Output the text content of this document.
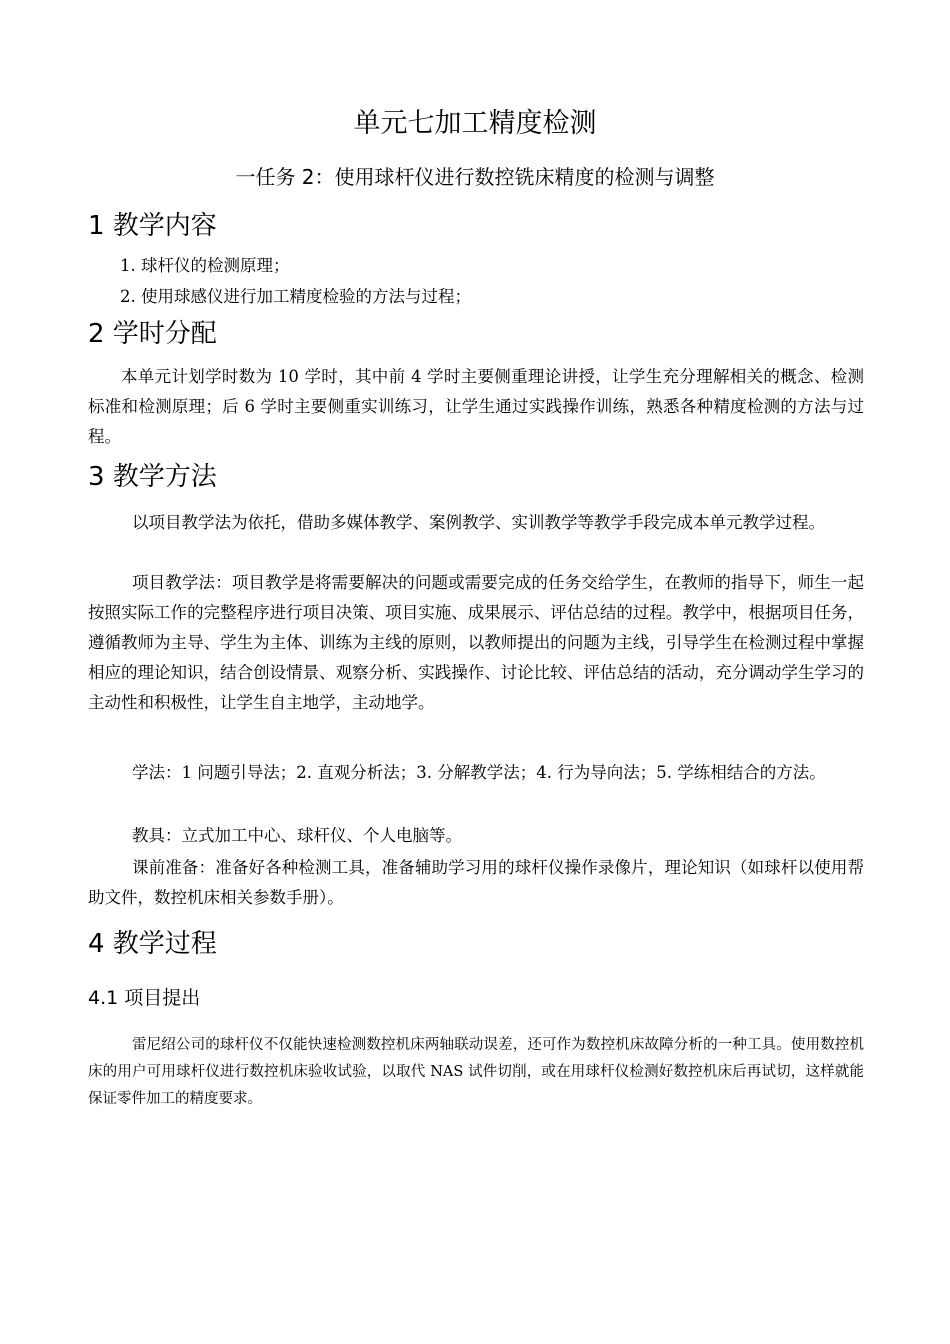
单元七加工精度检测
一任务 2：使用球杆仪进行数控铣床精度的检测与调整
1 教学内容
1. 球杆仪的检测原理；
2. 使用球感仪进行加工精度检验的方法与过程；
2 学时分配

本单元计划学时数为 10 学时，其中前 4 学时主要侧重理论讲授，让学生充分理解相关的概念、检测标准和检测原理；后 6 学时主要侧重实训练习，让学生通过实践操作训练，熟悉各种精度检测的方法与过程。

3 教学方法

以项目教学法为依托，借助多媒体教学、案例教学、实训教学等教学手段完成本单元教学过程。

项目教学法：项目教学是将需要解决的问题或需要完成的任务交给学生，在教师的指导下，师生一起按照实际工作的完整程序进行项目决策、项目实施、成果展示、评估总结的过程。教学中，根据项目任务，遵循教师为主导、学生为主体、训练为主线的原则，以教师提出的问题为主线，引导学生在检测过程中掌握相应的理论知识，结合创设情景、观察分析、实践操作、讨论比较、评估总结的活动，充分调动学生学习的主动性和积极性，让学生自主地学，主动地学。

学法：1 问题引导法；2. 直观分析法；3. 分解教学法；4. 行为导向法；5. 学练相结合的方法。

教具：立式加工中心、球杆仪、个人电脑等。

课前准备：准备好各种检测工具，准备辅助学习用的球杆仪操作录像片，理论知识（如球杆以使用帮助文件，数控机床相关参数手册）。

4 教学过程
4.1 项目提出

雷尼绍公司的球杆仪不仅能快速检测数控机床两轴联动误差，还可作为数控机床故障分析的一种工具。使用数控机床的用户可用球杆仪进行数控机床验收试验，以取代 NAS 试件切削，或在用球杆仪检测好数控机床后再试切，这样就能保证零件加工的精度要求。
